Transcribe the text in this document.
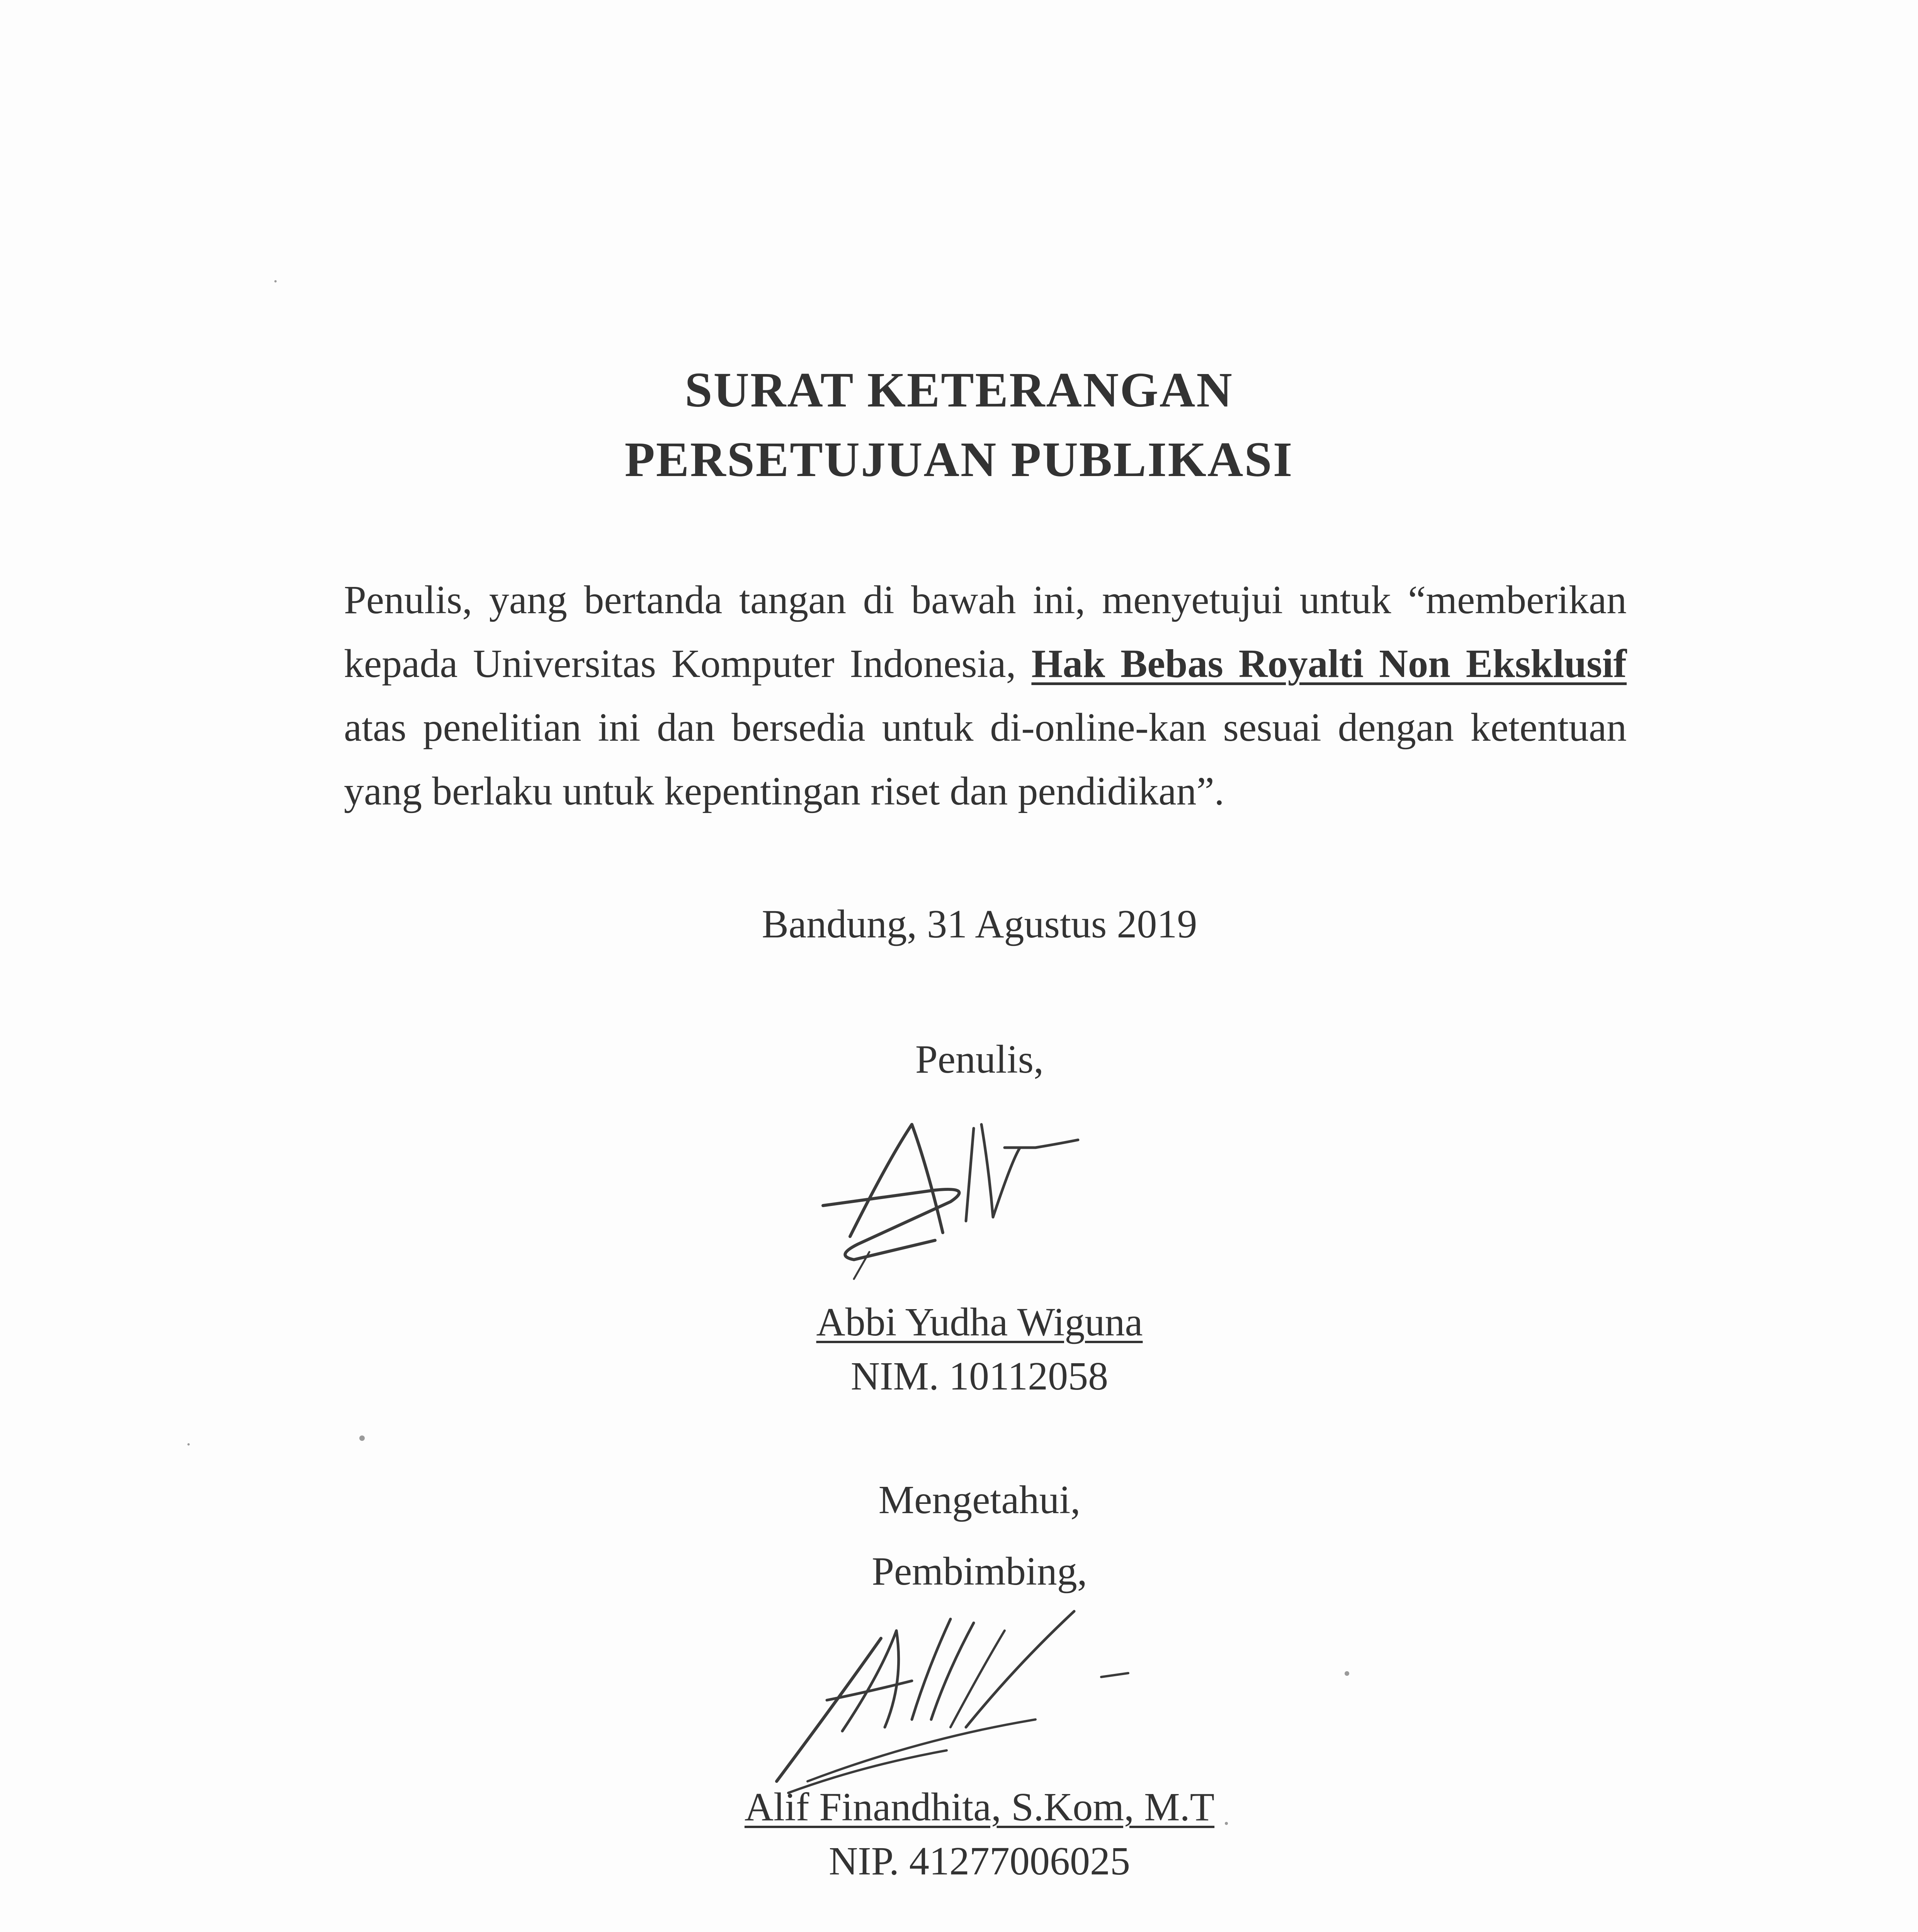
SURAT KETERANGAN
PERSETUJUAN PUBLIKASI
Penulis, yang bertanda tangan di bawah ini, menyetujui untuk “memberikan kepada Universitas Komputer Indonesia, Hak Bebas Royalti Non Eksklusif atas penelitian ini dan bersedia untuk di-online-kan sesuai dengan ketentuan yang berlaku untuk kepentingan riset dan pendidikan”.
Bandung, 31 Agustus 2019
Penulis,
Abbi Yudha Wiguna
NIM. 10112058
Mengetahui,
Pembimbing,
Alif Finandhita, S.Kom, M.T
NIP. 41277006025
